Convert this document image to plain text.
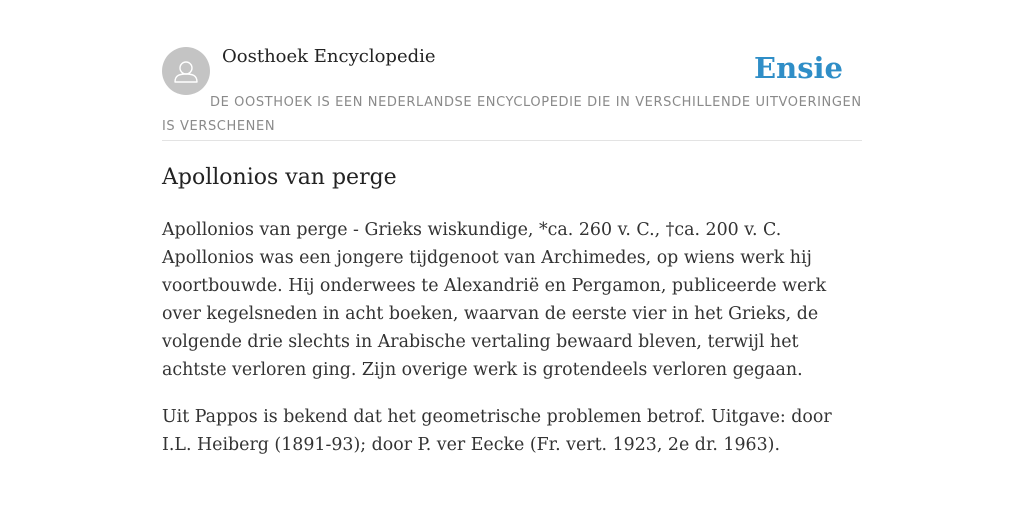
Oosthoek Encyclopedie	Ensie
DE OOSTHOEK IS EEN NEDERLANDSE ENCYCLOPEDIE DIE IN VERSCHILLENDE UITVOERINGEN IS VERSCHENEN
Apollonios van perge

Apollonios van perge - Grieks wiskundige, *ca. 260 v. C., †ca. 200 v. C. Apollonios was een jongere tijdgenoot van Archimedes, op wiens werk hij voortbouwde. Hij onderwees te Alexandrië en Pergamon, publiceerde werk over kegelsneden in acht boeken, waarvan de eerste vier in het Grieks, de volgende drie slechts in Arabische vertaling bewaard bleven, terwijl het achtste verloren ging. Zijn overige werk is grotendeels verloren gegaan.

Uit Pappos is bekend dat het geometrische problemen betrof. Uitgave: door I.L. Heiberg (1891-93); door P. ver Eecke (Fr. vert. 1923, 2e dr. 1963).
